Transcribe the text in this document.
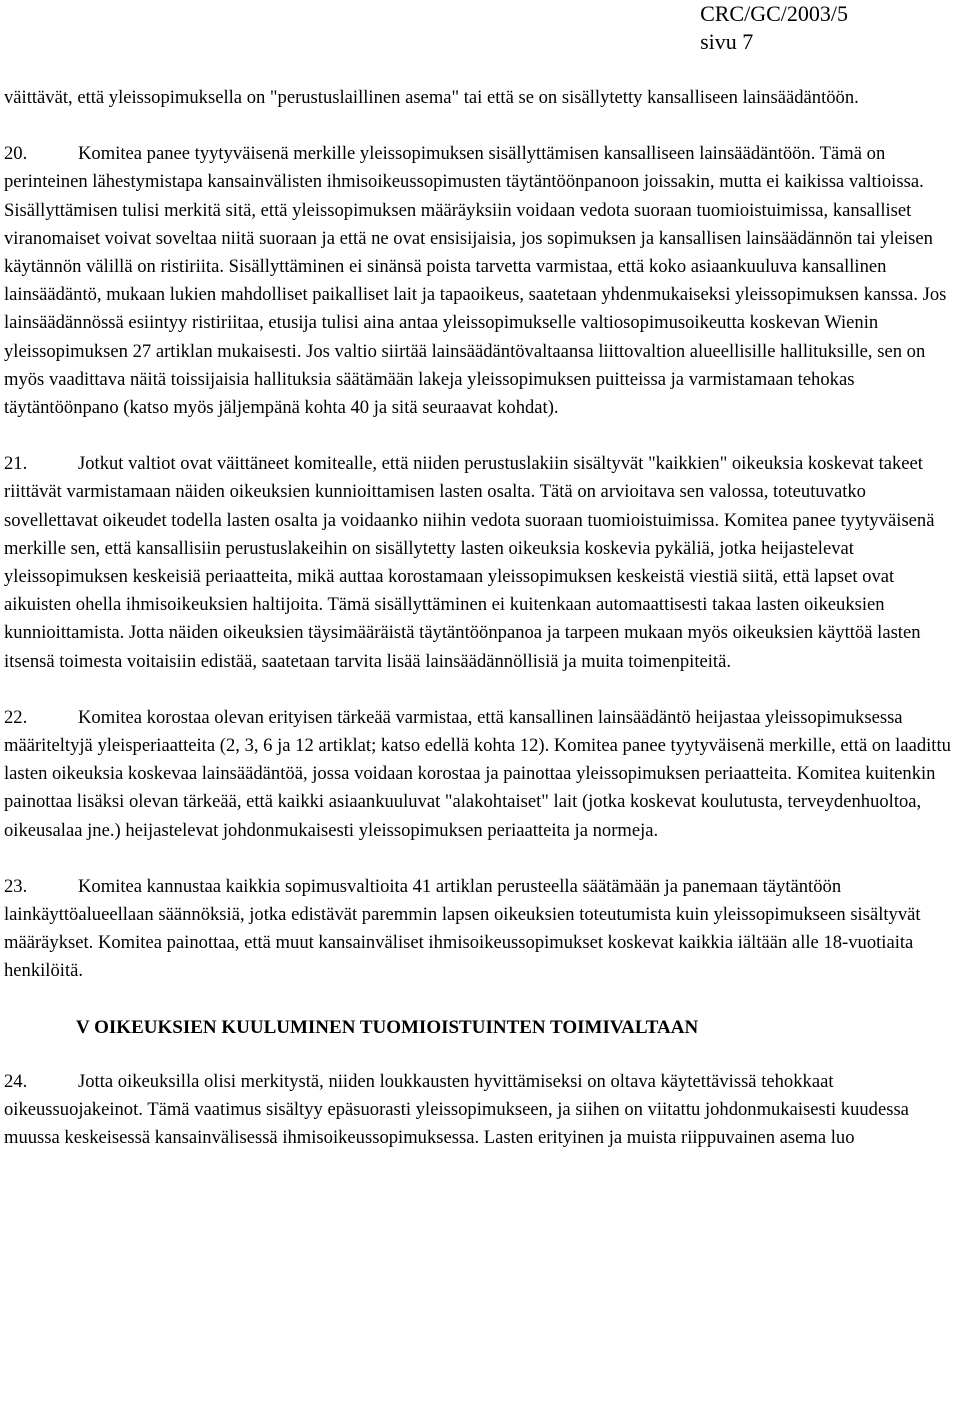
CRC/GC/2003/5
sivu 7

väittävät, että yleissopimuksella on "perustuslaillinen asema" tai että se on sisällytetty kansalliseen lainsäädäntöön.

20.	Komitea panee tyytyväisenä merkille yleissopimuksen sisällyttämisen kansalliseen lainsäädäntöön. Tämä on perinteinen lähestymistapa kansainvälisten ihmisoikeussopimusten täytäntöönpanoon joissakin, mutta ei kaikissa valtioissa. Sisällyttämisen tulisi merkitä sitä, että yleissopimuksen määräyksiin voidaan vedota suoraan tuomioistuimissa, kansalliset viranomaiset voivat soveltaa niitä suoraan ja että ne ovat ensisijaisia, jos sopimuksen ja kansallisen lainsäädännön tai yleisen käytännön välillä on ristiriita. Sisällyttäminen ei sinänsä poista tarvetta varmistaa, että koko asiaankuuluva kansallinen lainsäädäntö, mukaan lukien mahdolliset paikalliset lait ja tapaoikeus, saatetaan yhdenmukaiseksi yleissopimuksen kanssa. Jos lainsäädännössä esiintyy ristiriitaa, etusija tulisi aina antaa yleissopimukselle valtiosopimusoikeutta koskevan Wienin yleissopimuksen 27 artiklan mukaisesti. Jos valtio siirtää lainsäädäntövaltaansa liittovaltion alueellisille hallituksille, sen on myös vaadittava näitä toissijaisia hallituksia säätämään lakeja yleissopimuksen puitteissa ja varmistamaan tehokas täytäntöönpano (katso myös jäljempänä kohta 40 ja sitä seuraavat kohdat).

21.	Jotkut valtiot ovat väittäneet komitealle, että niiden perustuslakiin sisältyvät "kaikkien" oikeuksia koskevat takeet riittävät varmistamaan näiden oikeuksien kunnioittamisen lasten osalta. Tätä on arvioitava sen valossa, toteutuvatko sovellettavat oikeudet todella lasten osalta ja voidaanko niihin vedota suoraan tuomioistuimissa. Komitea panee tyytyväisenä merkille sen, että kansallisiin perustuslakeihin on sisällytetty lasten oikeuksia koskevia pykäliä, jotka heijastelevat yleissopimuksen keskeisiä periaatteita, mikä auttaa korostamaan yleissopimuksen keskeistä viestiä siitä, että lapset ovat aikuisten ohella ihmisoikeuksien haltijoita. Tämä sisällyttäminen ei kuitenkaan automaattisesti takaa lasten oikeuksien kunnioittamista. Jotta näiden oikeuksien täysimääräistä täytäntöönpanoa ja tarpeen mukaan myös oikeuksien käyttöä lasten itsensä toimesta voitaisiin edistää, saatetaan tarvita lisää lainsäädännöllisiä ja muita toimenpiteitä.

22.	Komitea korostaa olevan erityisen tärkeää varmistaa, että kansallinen lainsäädäntö heijastaa yleissopimuksessa määriteltyjä yleisperiaatteita (2, 3, 6 ja 12 artiklat; katso edellä kohta 12). Komitea panee tyytyväisenä merkille, että on laadittu lasten oikeuksia koskevaa lainsäädäntöä, jossa voidaan korostaa ja painottaa yleissopimuksen periaatteita. Komitea kuitenkin painottaa lisäksi olevan tärkeää, että kaikki asiaankuuluvat "alakohtaiset" lait (jotka koskevat koulutusta, terveydenhuoltoa, oikeusalaa jne.) heijastelevat johdonmukaisesti yleissopimuksen periaatteita ja normeja.

23.	Komitea kannustaa kaikkia sopimusvaltioita 41 artiklan perusteella säätämään ja panemaan täytäntöön lainkäyttöalueellaan säännöksiä, jotka edistävät paremmin lapsen oikeuksien toteutumista kuin yleissopimukseen sisältyvät määräykset. Komitea painottaa, että muut kansainväliset ihmisoikeussopimukset koskevat kaikkia iältään alle 18-vuotiaita henkilöitä.

V OIKEUKSIEN KUULUMINEN TUOMIOISTUINTEN TOIMIVALTAAN

24.	Jotta oikeuksilla olisi merkitystä, niiden loukkausten hyvittämiseksi on oltava käytettävissä tehokkaat oikeussuojakeinot. Tämä vaatimus sisältyy epäsuorasti yleissopimukseen, ja siihen on viitattu johdonmukaisesti kuudessa muussa keskeisessä kansainvälisessä ihmisoikeussopimuksessa. Lasten erityinen ja muista riippuvainen asema luo
